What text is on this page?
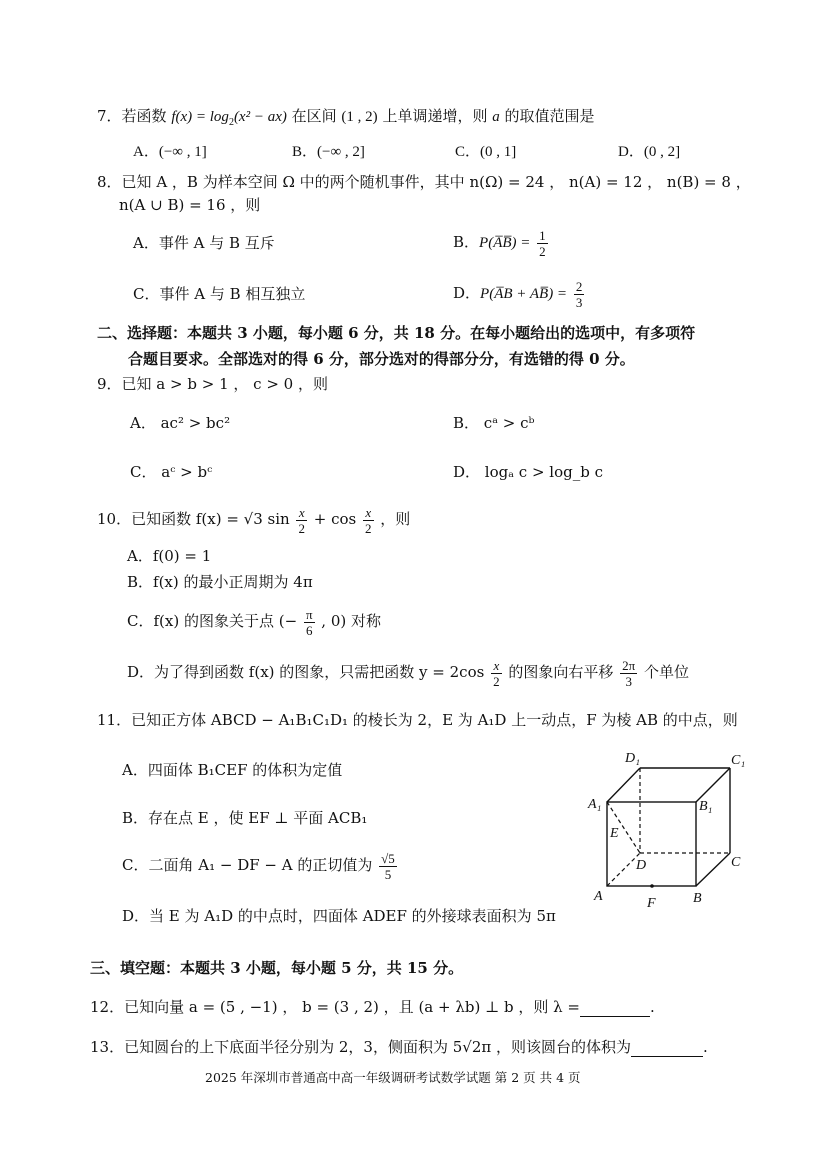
7．若函数 $f(x) = \log_2(x^2 - ax)$ 在区间 (1 , 2) 上单调递增，则 a 的取值范围是
A．(−∞ , 1]	B．(−∞ , 2]	C．(0 , 1]	D．(0 , 2]
8．已知 A ，B 为样本空间 Ω 中的两个随机事件，其中 n(Ω) = 24 ， n(A) = 12 ， n(B) = 8 ，
n(A ∪ B) = 16 ，则
A．事件 A 与 B 互斥	B．P(A̅B̅) = $\frac{1}{2}$
C．事件 A 与 B 相互独立	D．P(A̅B + AB̅) = $\frac{2}{3}$
二、选择题：本题共 3 小题，每小题 6 分，共 18 分。在每小题给出的选项中，有多项符
合题目要求。全部选对的得 6 分，部分选对的得部分分，有选错的得 0 分。
9．已知 a > b > 1 ， c > 0 ，则
A． ac² > bc²	B． cᵃ > cᵇ
C． aᶜ > bᶜ	D． logₐ c > log_b c
10．已知函数 f(x) = √3 $\sin \frac{x}{2} + \cos \frac{x}{2}$ ，则
A．f(0) = 1
B．f(x) 的最小正周期为 4π
C．f(x) 的图象关于点 (− $\frac{\pi}{6}$ , 0) 对称
D．为了得到函数 f(x) 的图象，只需把函数 $y = 2\cos \frac{x}{2}$ 的图象向右平移 $\frac{2\pi}{3}$ 个单位
11．已知正方体 ABCD − A₁B₁C₁D₁ 的棱长为 2，E 为 A₁D 上一动点，F 为棱 AB 的中点，则
A．四面体 B₁CEF 的体积为定值
B．存在点 E ，使 EF ⊥ 平面 ACB₁
C．二面角 A₁ − DF − A 的正切值为 $\frac{√5}{5}$
D．当 E 为 A₁D 的中点时，四面体 ADEF 的外接球表面积为 5π
D₁	C₁
A₁	B₁
E
D	C
A	B
F
三、填空题：本题共 3 小题，每小题 5 分，共 15 分。
12．已知向量 a = (5 , −1) ， b = (3 , 2) ，且 (a + λb) ⊥ b ，则 λ =	.
13．已知圆台的上下底面半径分别为 2，3，侧面积为 5√2π ，则该圆台的体积为	.
2025 年深圳市普通高中高一年级调研考试数学试题 第 2 页 共 4 页
